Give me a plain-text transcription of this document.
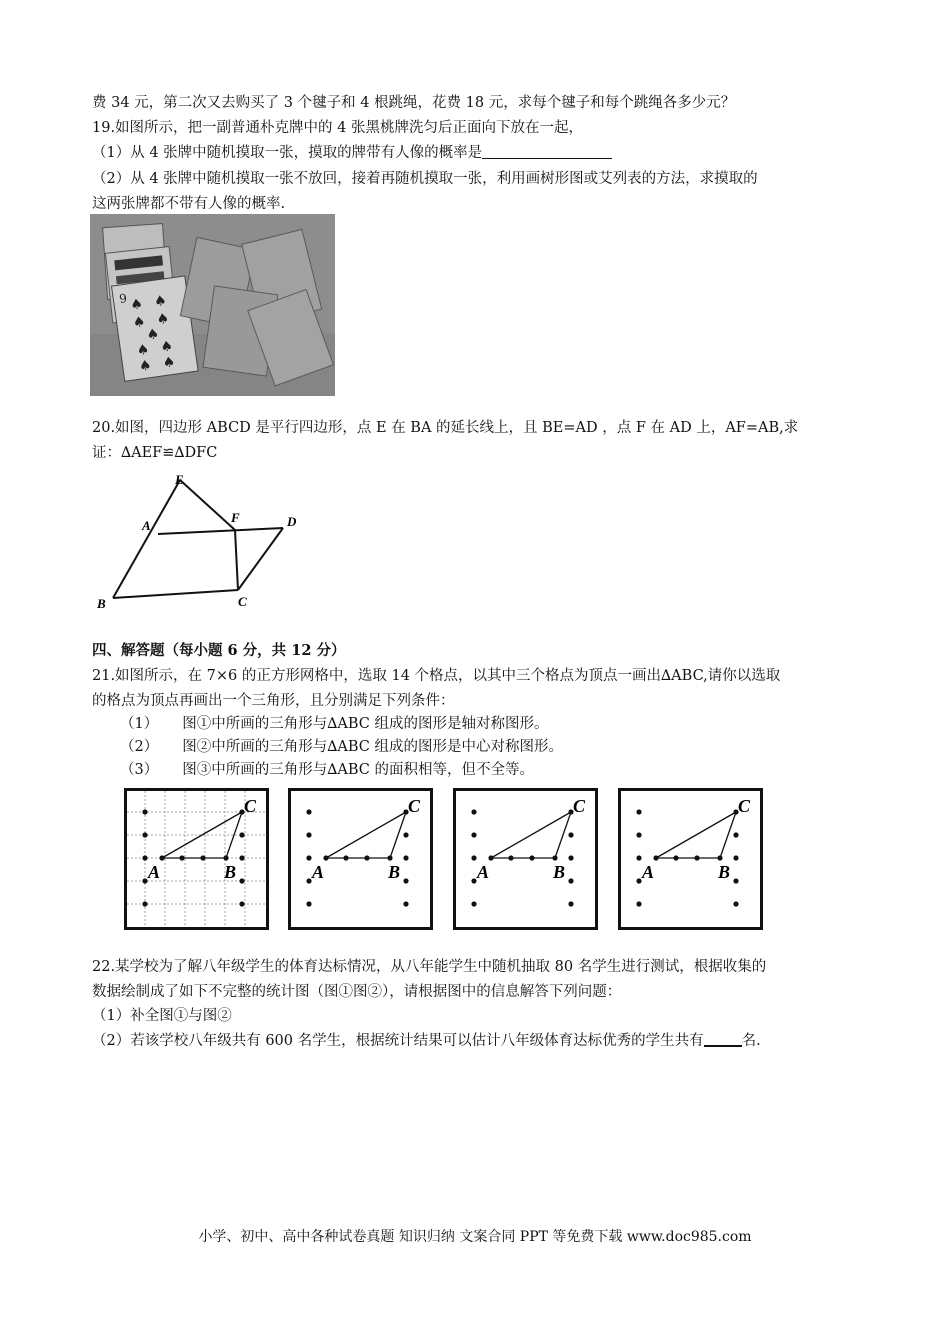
费 34 元，第二次又去购买了 3 个毽子和 4 根跳绳，花费 18 元，求每个毽子和每个跳绳各多少元？
19.如图所示，把一副普通朴克牌中的 4 张黑桃牌洗匀后正面向下放在一起，
（1）从 4 张牌中随机摸取一张，摸取的牌带有人像的概率是
（2）从 4 张牌中随机摸取一张不放回，接着再随机摸取一张，利用画树形图或艾列表的方法，求摸取的
这两张牌都不带有人像的概率.
9 ♠ ♠
♠ ♠
♠
♠ ♠
♠ ♠
20.如图，四边形 ABCD 是平行四边形，点 E 在 BA 的延长线上，且 BE=AD ，点 F 在 AD 上，AF=AB,求
证：∆AEF≌∆DFC
E
A
F	D
B	C
四、解答题（每小题 6 分，共 12 分）
21.如图所示，在 7×6 的正方形网格中，选取 14 个格点，以其中三个格点为顶点一画出∆ABC,请你以选取
的格点为顶点再画出一个三角形，且分别满足下列条件：
（1） 图①中所画的三角形与∆ABC 组成的图形是轴对称图形。
（2） 图②中所画的三角形与∆ABC 组成的图形是中心对称图形。
（3） 图③中所画的三角形与∆ABC 的面积相等，但不全等。
A	B
C
A	B
C
A	B
C
A	B
C
22.某学校为了解八年级学生的体育达标情况，从八年能学生中随机抽取 80 名学生进行测试，根据收集的
数据绘制成了如下不完整的统计图（图①图②），请根据图中的信息解答下列问题：
（1）补全图①与图②
（2）若该学校八年级共有 600 名学生，根据统计结果可以估计八年级体育达标优秀的学生共有	名.
小学、初中、高中各种试卷真题 知识归纳 文案合同 PPT 等免费下载 www.doc985.com
